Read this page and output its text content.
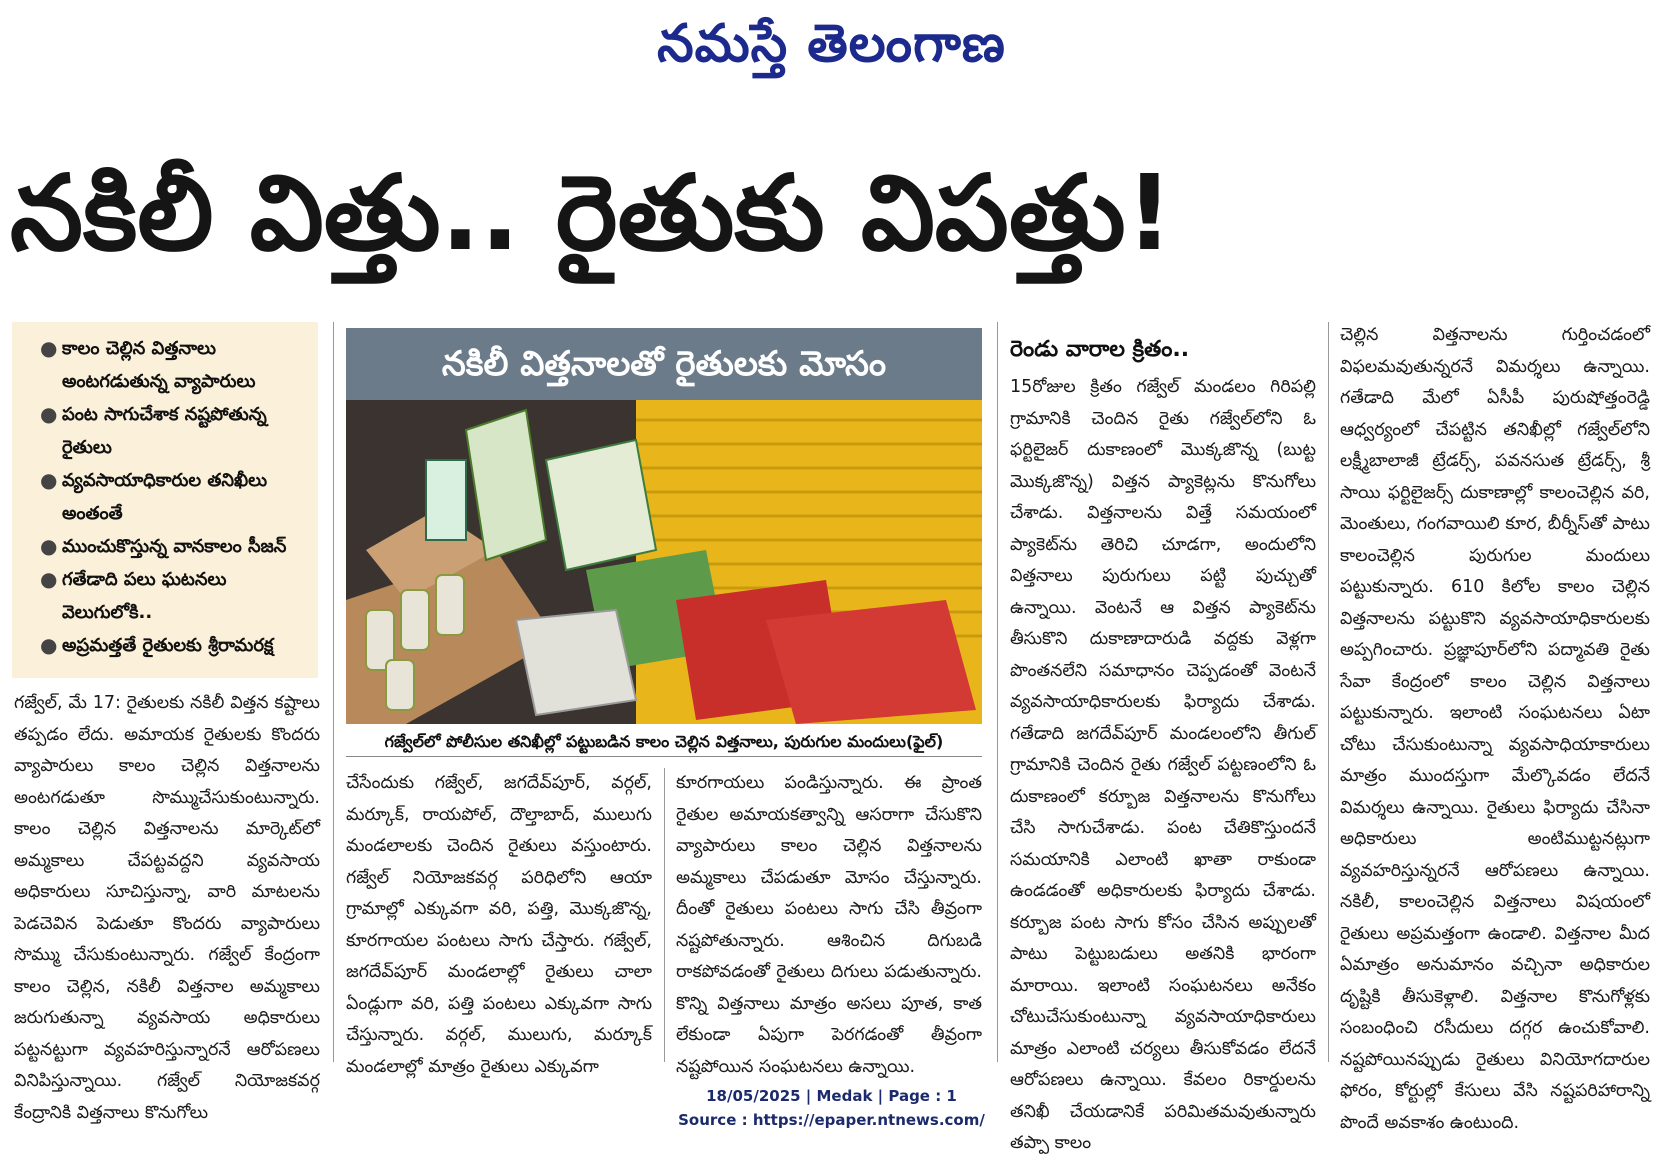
నమస్తే తెలంగాణ
నకిలీ విత్తు.. రైతుకు విపత్తు!
● కాలం చెల్లిన విత్తనాలు అంటగడుతున్న వ్యాపారులు
● పంట సాగుచేశాక నష్టపోతున్న రైతులు
● వ్యవసాయాధికారుల తనిఖీలు అంతంతే
● ముంచుకొస్తున్న వానకాలం సీజన్
● గతేడాది పలు ఘటనలు వెలుగులోకి..
● అప్రమత్తతే రైతులకు శ్రీరామరక్ష
నకిలీ విత్తనాలతో రైతులకు మోసం
గజ్వేల్‌లో పోలీసుల తనిఖీల్లో పట్టుబడిన కాలం చెల్లిన విత్తనాలు, పురుగుల మందులు(ఫైల్)

గజ్వేల్, మే 17: రైతులకు నకిలీ విత్తన కష్టాలు తప్పడం లేదు. అమాయక రైతులకు కొందరు వ్యాపారులు కాలం చెల్లిన విత్తనాలను అంటగడుతూ సొమ్ముచేసుకుంటున్నారు. కాలం చెల్లిన విత్తనాలను మార్కెట్‌లో అమ్మకాలు చేపట్టవద్దని వ్యవసాయ అధికారులు సూచిస్తున్నా, వారి మాటలను పెడచెవిన పెడుతూ కొందరు వ్యాపారులు సొమ్ము చేసుకుంటున్నారు. గజ్వేల్ కేంద్రంగా కాలం చెల్లిన, నకిలీ విత్తనాల అమ్మకాలు జరుగుతున్నా వ్యవసాయ అధికారులు పట్టనట్టుగా వ్యవహరిస్తున్నారనే ఆరోపణలు వినిపిస్తున్నాయి. గజ్వేల్ నియోజకవర్గ కేంద్రానికి విత్తనాలు కొనుగోలు

చేసేందుకు గజ్వేల్, జగదేవ్‌పూర్, వర్గల్, మర్కూక్, రాయపోల్, దౌల్తాబాద్, ములుగు మండలాలకు చెందిన రైతులు వస్తుంటారు. గజ్వేల్ నియోజకవర్గ పరిధిలోని ఆయా గ్రామాల్లో ఎక్కువగా వరి, పత్తి, మొక్కజొన్న, కూరగాయల పంటలు సాగు చేస్తారు. గజ్వేల్, జగదేవ్‌పూర్ మండలాల్లో రైతులు చాలా ఏండ్లుగా వరి, పత్తి పంటలు ఎక్కువగా సాగు చేస్తున్నారు. వర్గల్, ములుగు, మర్కూక్ మండలాల్లో మాత్రం రైతులు ఎక్కువగా

కూరగాయలు పండిస్తున్నారు. ఈ ప్రాంత రైతుల అమాయకత్వాన్ని ఆసరాగా చేసుకొని వ్యాపారులు కాలం చెల్లిన విత్తనాలను అమ్మకాలు చేపడుతూ మోసం చేస్తున్నారు. దీంతో రైతులు పంటలు సాగు చేసి తీవ్రంగా నష్టపోతున్నారు. ఆశించిన దిగుబడి రాకపోవడంతో రైతులు దిగులు పడుతున్నారు. కొన్ని విత్తనాలు మాత్రం అసలు పూత, కాత లేకుండా ఏపుగా పెరగడంతో తీవ్రంగా నష్టపోయిన సంఘటనలు ఉన్నాయి.

రెండు వారాల క్రితం..

15రోజుల క్రితం గజ్వేల్ మండలం గిరిపల్లి గ్రామానికి చెందిన రైతు గజ్వేల్‌లోని ఓ ఫర్టిలైజర్ దుకాణంలో మొక్కజొన్న (బుట్ట మొక్కజొన్న) విత్తన ప్యాకెట్లను కొనుగోలు చేశాడు. విత్తనాలను విత్తే సమయంలో ప్యాకెట్‌ను తెరిచి చూడగా, అందులోని విత్తనాలు పురుగులు పట్టి పుచ్చుతో ఉన్నాయి. వెంటనే ఆ విత్తన ప్యాకెట్‌ను తీసుకొని దుకాణాదారుడి వద్దకు వెళ్లగా పొంతనలేని సమాధానం చెప్పడంతో వెంటనే వ్యవసాయాధికారులకు ఫిర్యాదు చేశాడు. గతేడాది జగదేవ్‌పూర్ మండలంలోని తీగుల్ గ్రామానికి చెందిన రైతు గజ్వేల్ పట్టణంలోని ఓ దుకాణంలో కర్బూజ విత్తనాలను కొనుగోలు చేసి సాగుచేశాడు. పంట చేతికొస్తుందనే సమయానికి ఎలాంటి ఖాతా రాకుండా ఉండడంతో అధికారులకు ఫిర్యాదు చేశాడు. కర్బూజ పంట సాగు కోసం చేసిన అప్పులతో పాటు పెట్టుబడులు అతనికి భారంగా మారాయి. ఇలాంటి సంఘటనలు అనేకం చోటుచేసుకుంటున్నా వ్యవసాయాధికారులు మాత్రం ఎలాంటి చర్యలు తీసుకోవడం లేదనే ఆరోపణలు ఉన్నాయి. కేవలం రికార్డులను తనిఖీ చేయడానికే పరిమితమవుతున్నారు తప్పా కాలం

చెల్లిన విత్తనాలను గుర్తించడంలో విఫలమవుతున్నరనే విమర్శలు ఉన్నాయి. గతేడాది మేలో ఏసీపీ పురుషోత్తంరెడ్డి ఆధ్వర్యంలో చేపట్టిన తనిఖీల్లో గజ్వేల్‌లోని లక్ష్మీబాలాజీ ట్రేడర్స్, పవనసుత ట్రేడర్స్, శ్రీ సాయి ఫర్టిలైజర్స్ దుకాణాల్లో కాలంచెల్లిన వరి, మెంతులు, గంగవాయిలి కూర, బీర్నీస్‌తో పాటు కాలంచెల్లిన పురుగుల మందులు పట్టుకున్నారు. 610 కిలోల కాలం చెల్లిన విత్తనాలను పట్టుకొని వ్యవసాయాధికారులకు అప్పగించారు. ప్రజ్ఞాపూర్‌లోని పద్మావతి రైతు సేవా కేంద్రంలో కాలం చెల్లిన విత్తనాలు పట్టుకున్నారు. ఇలాంటి సంఘటనలు ఏటా చోటు చేసుకుంటున్నా వ్యవసాధియాకారులు మాత్రం ముందస్తుగా మేల్కొవడం లేదనే విమర్శలు ఉన్నాయి. రైతులు ఫిర్యాదు చేసినా అధికారులు అంటిముట్టనట్లుగా వ్యవహరిస్తున్నరనే ఆరోపణలు ఉన్నాయి. నకిలీ, కాలంచెల్లిన విత్తనాలు విషయంలో రైతులు అప్రమత్తంగా ఉండాలి. విత్తనాల మీద ఏమాత్రం అనుమానం వచ్చినా అధికారుల దృష్టికి తీసుకెళ్లాలి. విత్తనాల కొనుగోళ్లకు సంబంధించి రసీదులు దగ్గర ఉంచుకోవాలి. నష్టపోయినప్పుడు రైతులు వినియోగదారుల ఫోరం, కోర్టుల్లో కేసులు వేసి నష్టపరిహారాన్ని పొందే అవకాశం ఉంటుంది.

18/05/2025 | Medak | Page : 1
Source : https://epaper.ntnews.com/
